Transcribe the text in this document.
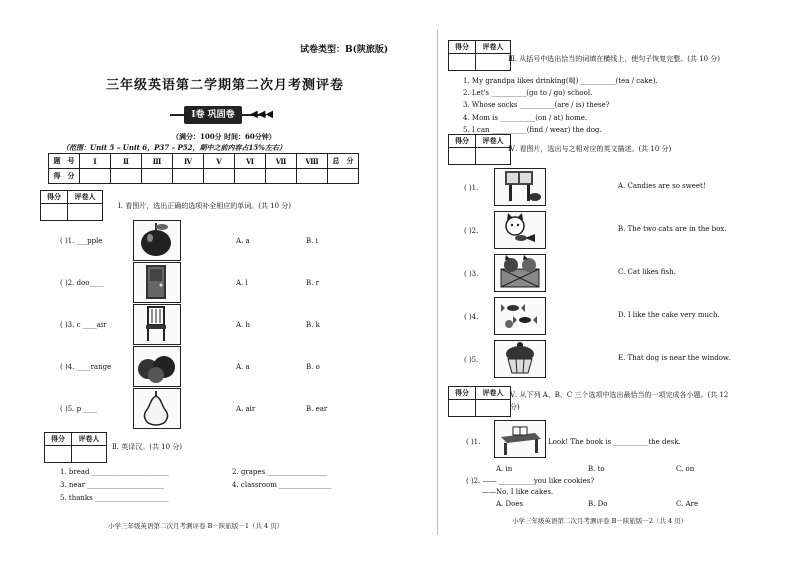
试卷类型：B(陕旅版)
三年级英语第二学期第二次月考测评卷
Ⅰ卷 巩固卷	◀◀◀
（满分：100分 时间：60分钟）
（范围：Unit 5 – Unit 6，P37 – P52，期中之前内容占15%左右）
题　号	Ⅰ	Ⅱ	Ⅲ	Ⅳ	Ⅴ	Ⅵ	Ⅶ	Ⅷ	总　分
得　分									
得分	评卷人

Ⅰ. 看图片，选出正确的选项补全相应的单词。(共 10 分)
( )1. ___pple	A. a	B. i
( )2. doo____	A. l	B. r
( )3. c ____air	A. h	B. k
( )4. ____range	A. a	B. o
( )5. p ____	A. air	B. ear
得分	评卷人

Ⅱ. 英译汉。(共 10 分)
1. bread ______________________	2. grapes _________________
3. near ______________________	4. classroom _______________
5. thanks _____________________
小学三年级英语第二次月考测评卷 B－陕旅版－1（共 4 页）
得分	评卷人

Ⅲ. 从括号中选出恰当的词填在横线上，使句子恢复完整。(共 10 分)
1. My grandpa likes drinking(喝) __________(tea / cake).
2. Let's __________(go to / go) school.
3. Whose socks __________(are / is) these?
4. Mom is __________(on / at) home.
5. I can __________(find / wear) the dog.
得分	评卷人

Ⅳ. 看图片，选出与之相对应的英文描述。(共 10 分)
( )1.	A. Candies are so sweet!
( )2.	B. The two cats are in the box.
( )3.	C. Cat likes fish.
( )4.	D. I like the cake very much.
( )5.	E. That dog is near the window.
得分	评卷人
	Ⅴ. 从下列 A、B、C 三个选项中选出最恰当的一项完成各小题。(共 12
分)
( )1.	Look! The book is __________the desk.
A. in	B. to	C. on
( )2. —— __________you like cookies?
——No, I like cakes.
A. Does	B. Do	C. Are
小学三年级英语第二次月考测评卷 B－陕旅版－2（共 4 页）
